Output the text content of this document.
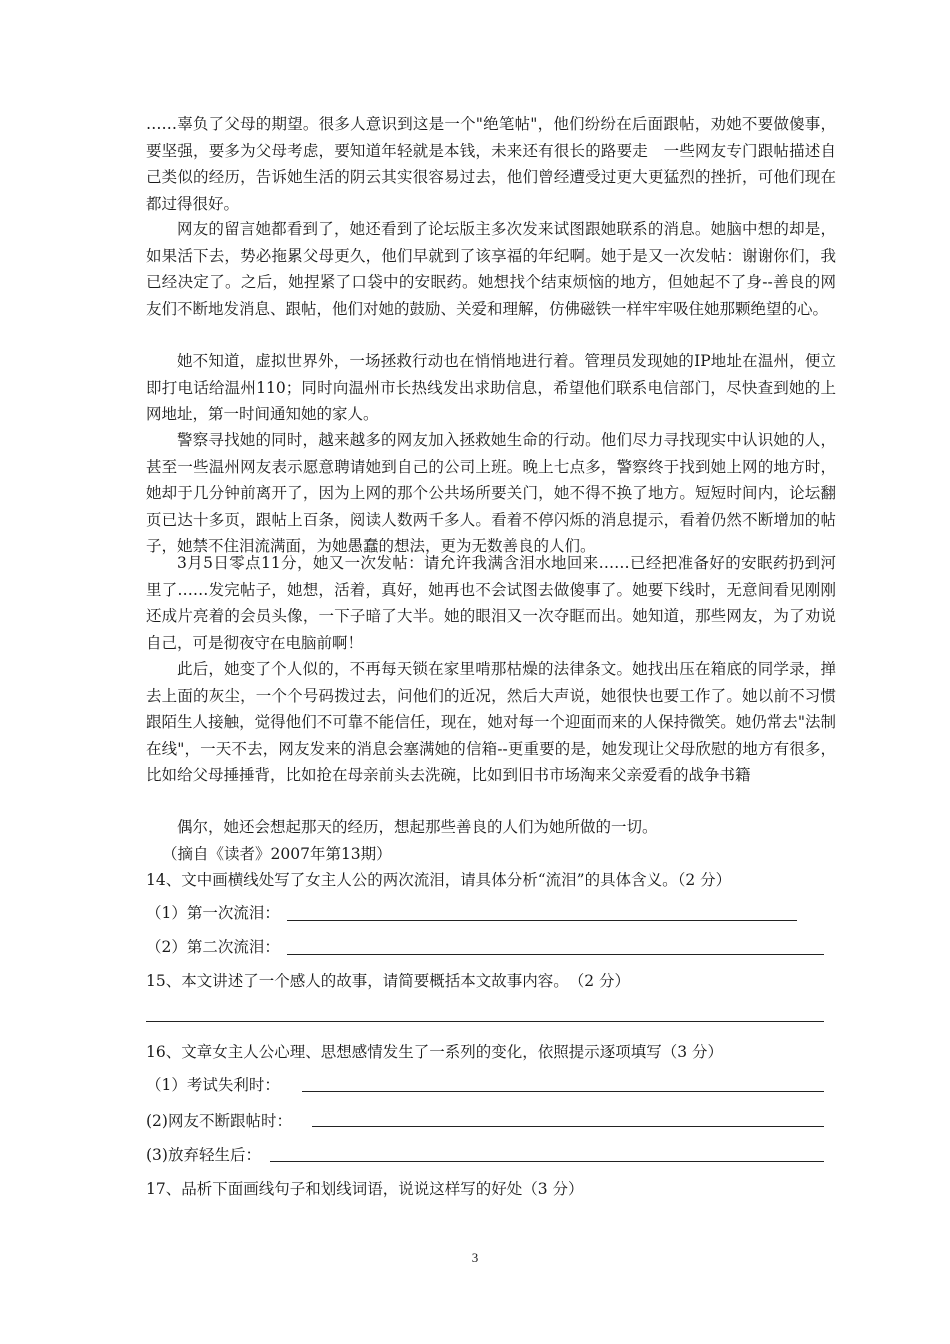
……辜负了父母的期望。很多人意识到这是一个"绝笔帖"，他们纷纷在后面跟帖，劝她不要做傻事，要坚强，要多为父母考虑，要知道年轻就是本钱，未来还有很长的路要走　一些网友专门跟帖描述自己类似的经历，告诉她生活的阴云其实很容易过去，他们曾经遭受过更大更猛烈的挫折，可他们现在都过得很好。

网友的留言她都看到了，她还看到了论坛版主多次发来试图跟她联系的消息。她脑中想的却是，如果活下去，势必拖累父母更久，他们早就到了该享福的年纪啊。她于是又一次发帖：谢谢你们，我已经决定了。之后，她捏紧了口袋中的安眠药。她想找个结束烦恼的地方，但她起不了身--善良的网友们不断地发消息、跟帖，他们对她的鼓励、关爱和理解，仿佛磁铁一样牢牢吸住她那颗绝望的心。

她不知道，虚拟世界外，一场拯救行动也在悄悄地进行着。管理员发现她的IP地址在温州，便立即打电话给温州110；同时向温州市长热线发出求助信息，希望他们联系电信部门，尽快查到她的上网地址，第一时间通知她的家人。

警察寻找她的同时，越来越多的网友加入拯救她生命的行动。他们尽力寻找现实中认识她的人，甚至一些温州网友表示愿意聘请她到自己的公司上班。晚上七点多，警察终于找到她上网的地方时，她却于几分钟前离开了，因为上网的那个公共场所要关门，她不得不换了地方。短短时间内，论坛翻页已达十多页，跟帖上百条，阅读人数两千多人。看着不停闪烁的消息提示，看着仍然不断增加的帖子，她禁不住泪流满面，为她愚蠢的想法，更为无数善良的人们。

3月5日零点11分，她又一次发帖：请允许我满含泪水地回来……已经把准备好的安眠药扔到河里了……发完帖子，她想，活着，真好，她再也不会试图去做傻事了。她要下线时，无意间看见刚刚还成片亮着的会员头像，一下子暗了大半。她的眼泪又一次夺眶而出。她知道，那些网友，为了劝说自己，可是彻夜守在电脑前啊！

此后，她变了个人似的，不再每天锁在家里啃那枯燥的法律条文。她找出压在箱底的同学录，掸去上面的灰尘，一个个号码拨过去，问他们的近况，然后大声说，她很快也要工作了。她以前不习惯跟陌生人接触，觉得他们不可靠不能信任，现在，她对每一个迎面而来的人保持微笑。她仍常去"法制在线"，一天不去，网友发来的消息会塞满她的信箱--更重要的是，她发现让父母欣慰的地方有很多，比如给父母捶捶背，比如抢在母亲前头去洗碗，比如到旧书市场淘来父亲爱看的战争书籍

偶尔，她还会想起那天的经历，想起那些善良的人们为她所做的一切。

（摘自《读者》2007年第13期）

14、文中画横线处写了女主人公的两次流泪，请具体分析“流泪”的具体含义。（2 分）

（1）第一次流泪：

（2）第二次流泪：

15、本文讲述了一个感人的故事，请简要概括本文故事内容。　（2 分）

16、文章女主人公心理、思想感情发生了一系列的变化，依照提示逐项填写（3 分）

（1）考试失利时：

(2)网友不断跟帖时：

(3)放弃轻生后：

17、品析下面画线句子和划线词语，说说这样写的好处（3 分）

3
